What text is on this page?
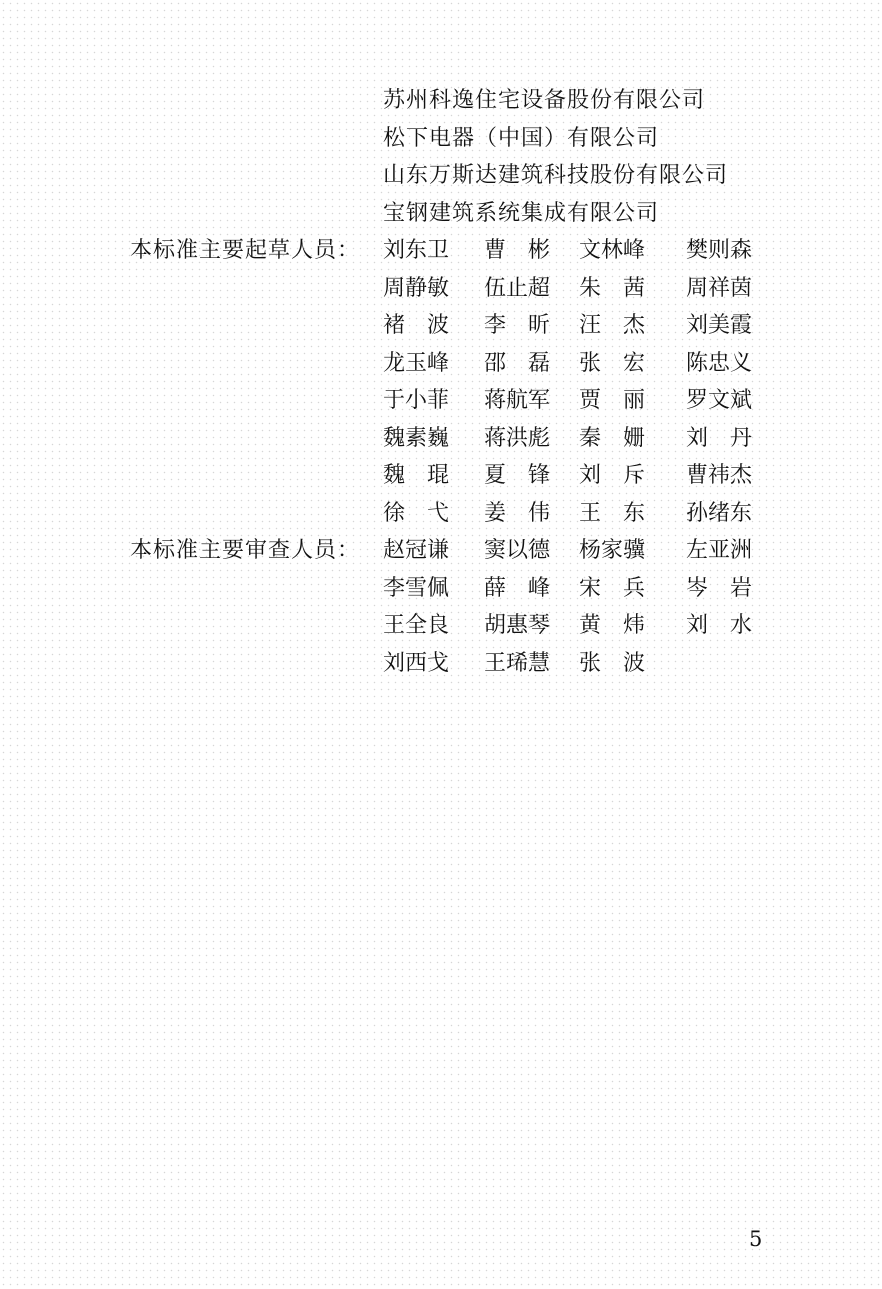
苏州科逸住宅设备股份有限公司
松下电器（中国）有限公司
山东万斯达建筑科技股份有限公司
宝钢建筑系统集成有限公司
本标准主要起草人员： 刘东卫 曹　彬 文林峰 樊则森
周静敏 伍止超 朱　茜 周祥茵
褚　波 李　昕 汪　杰 刘美霞
龙玉峰 邵　磊 张　宏 陈忠义
于小菲 蒋航军 贾　丽 罗文斌
魏素巍 蒋洪彪 秦　姗 刘　丹
魏　琨 夏　锋 刘　斥 曹祎杰
徐　弋 姜　伟 王　东 孙绪东
本标准主要审查人员： 赵冠谦 窦以德 杨家骥 左亚洲
李雪佩 薛　峰 宋　兵 岑　岩
王全良 胡惠琴 黄　炜 刘　水
刘西戈 王琋慧 张　波
5
